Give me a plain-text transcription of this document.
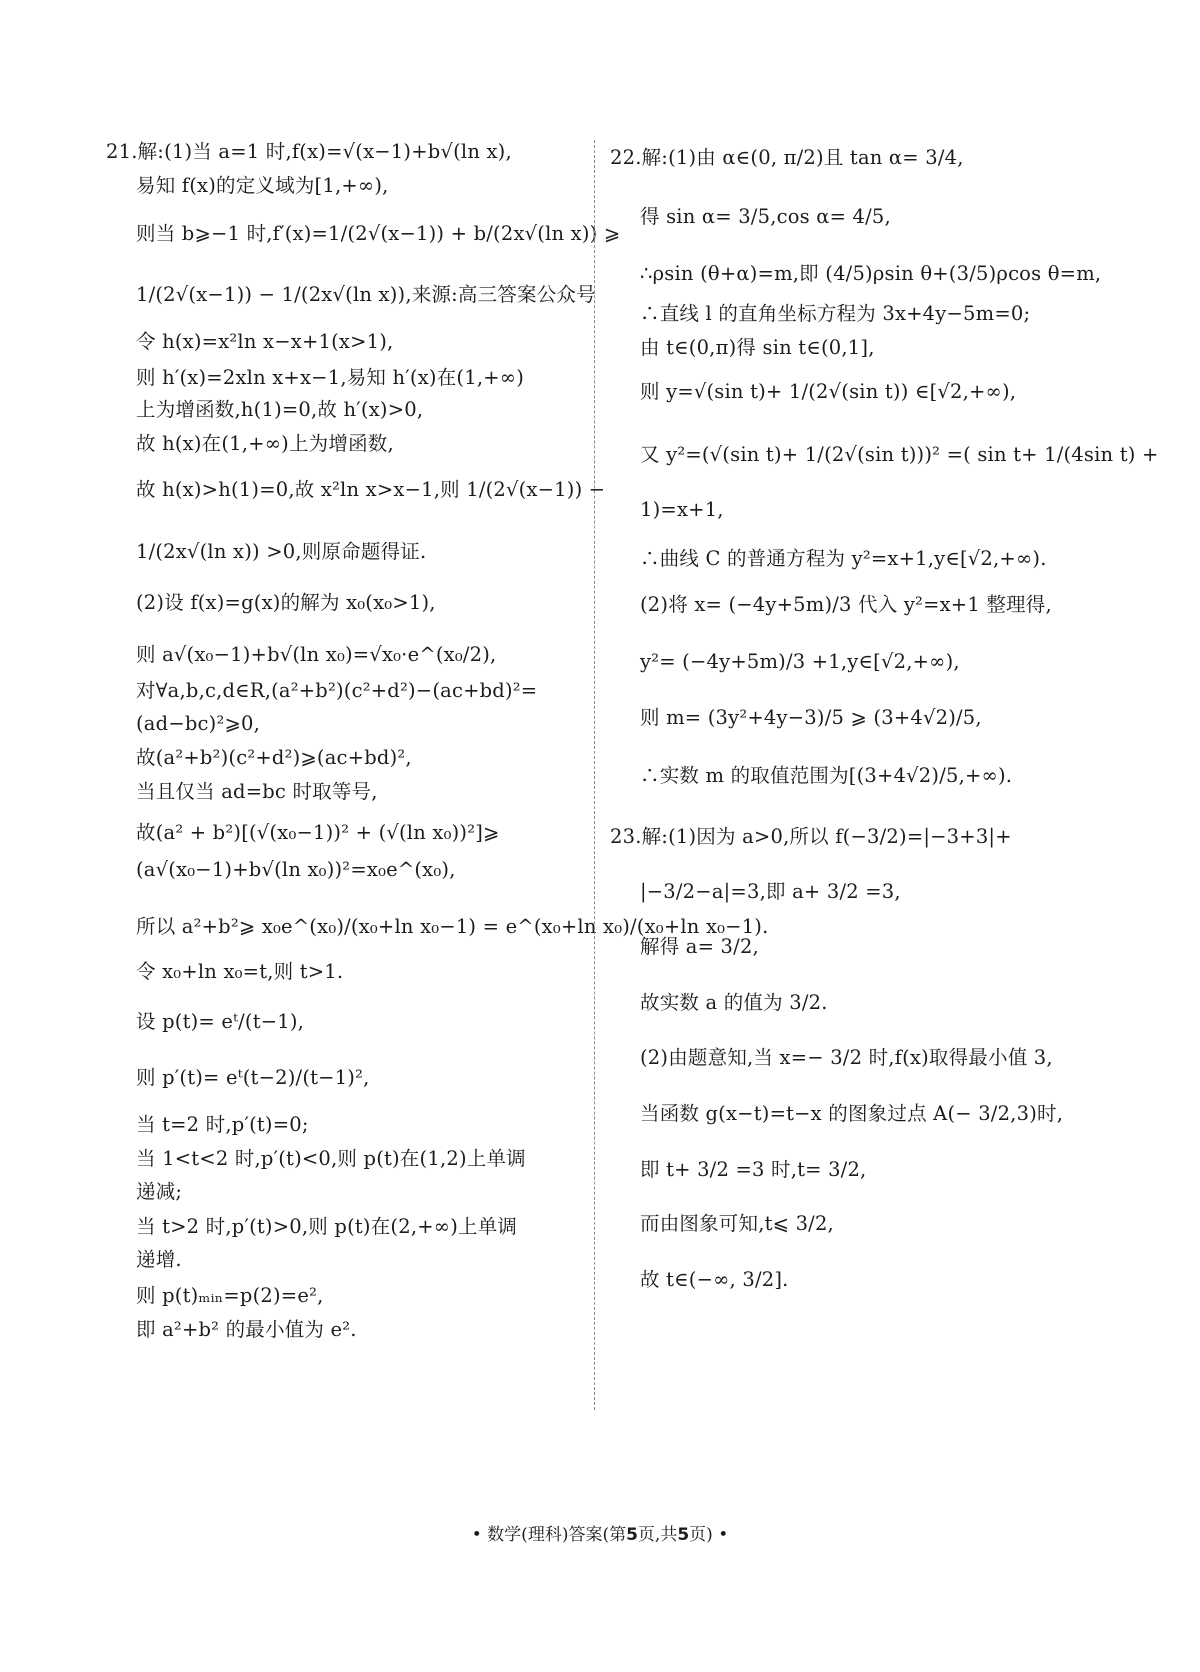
21.解:(1)当 a=1 时,f(x)=√(x−1)+b√(ln x),
易知 f(x)的定义域为[1,+∞),
则当 b⩾−1 时,f′(x)=1/(2√(x−1)) + b/(2x√(ln x)) ⩾
1/(2√(x−1)) − 1/(2x√(ln x)),来源:高三答案公众号
令 h(x)=x²ln x−x+1(x>1),
则 h′(x)=2xln x+x−1,易知 h′(x)在(1,+∞)
上为增函数,h(1)=0,故 h′(x)>0,
故 h(x)在(1,+∞)上为增函数,
故 h(x)>h(1)=0,故 x²ln x>x−1,则 1/(2√(x−1)) −
1/(2x√(ln x)) >0,则原命题得证.
(2)设 f(x)=g(x)的解为 x₀(x₀>1),
则 a√(x₀−1)+b√(ln x₀)=√x₀·e^(x₀/2),
对∀a,b,c,d∈R,(a²+b²)(c²+d²)−(ac+bd)²=
(ad−bc)²⩾0,
故(a²+b²)(c²+d²)⩾(ac+bd)²,
当且仅当 ad=bc 时取等号,
故(a² + b²)[(√(x₀−1))² + (√(ln x₀))²]⩾
(a√(x₀−1)+b√(ln x₀))²=x₀e^(x₀),
所以 a²+b²⩾ x₀e^(x₀)/(x₀+ln x₀−1) = e^(x₀+ln x₀)/(x₀+ln x₀−1).
令 x₀+ln x₀=t,则 t>1.
设 p(t)= eᵗ/(t−1),
则 p′(t)= eᵗ(t−2)/(t−1)²,
当 t=2 时,p′(t)=0;
当 1<t<2 时,p′(t)<0,则 p(t)在(1,2)上单调
递减;
当 t>2 时,p′(t)>0,则 p(t)在(2,+∞)上单调
递增.
则 p(t)ₘᵢₙ=p(2)=e²,
即 a²+b² 的最小值为 e².
22.解:(1)由 α∈(0, π/2)且 tan α= 3/4,
得 sin α= 3/5,cos α= 4/5,
∴ρsin (θ+α)=m,即 (4/5)ρsin θ+(3/5)ρcos θ=m,
∴直线 l 的直角坐标方程为 3x+4y−5m=0;
由 t∈(0,π)得 sin t∈(0,1],
则 y=√(sin t)+ 1/(2√(sin t)) ∈[√2,+∞),
又 y²=(√(sin t)+ 1/(2√(sin t)))² =( sin t+ 1/(4sin t) +
1)=x+1,
∴曲线 C 的普通方程为 y²=x+1,y∈[√2,+∞).
(2)将 x= (−4y+5m)/3 代入 y²=x+1 整理得,
y²= (−4y+5m)/3 +1,y∈[√2,+∞),
则 m= (3y²+4y−3)/5 ⩾ (3+4√2)/5,
∴实数 m 的取值范围为[(3+4√2)/5,+∞).
23.解:(1)因为 a>0,所以 f(−3/2)=|−3+3|+
|−3/2−a|=3,即 a+ 3/2 =3,
解得 a= 3/2,
故实数 a 的值为 3/2.
(2)由题意知,当 x=− 3/2 时,f(x)取得最小值 3,
当函数 g(x−t)=t−x 的图象过点 A(− 3/2,3)时,
即 t+ 3/2 =3 时,t= 3/2,
而由图象可知,t⩽ 3/2,
故 t∈(−∞, 3/2].
• 数学(理科)答案(第5页,共5页) •
